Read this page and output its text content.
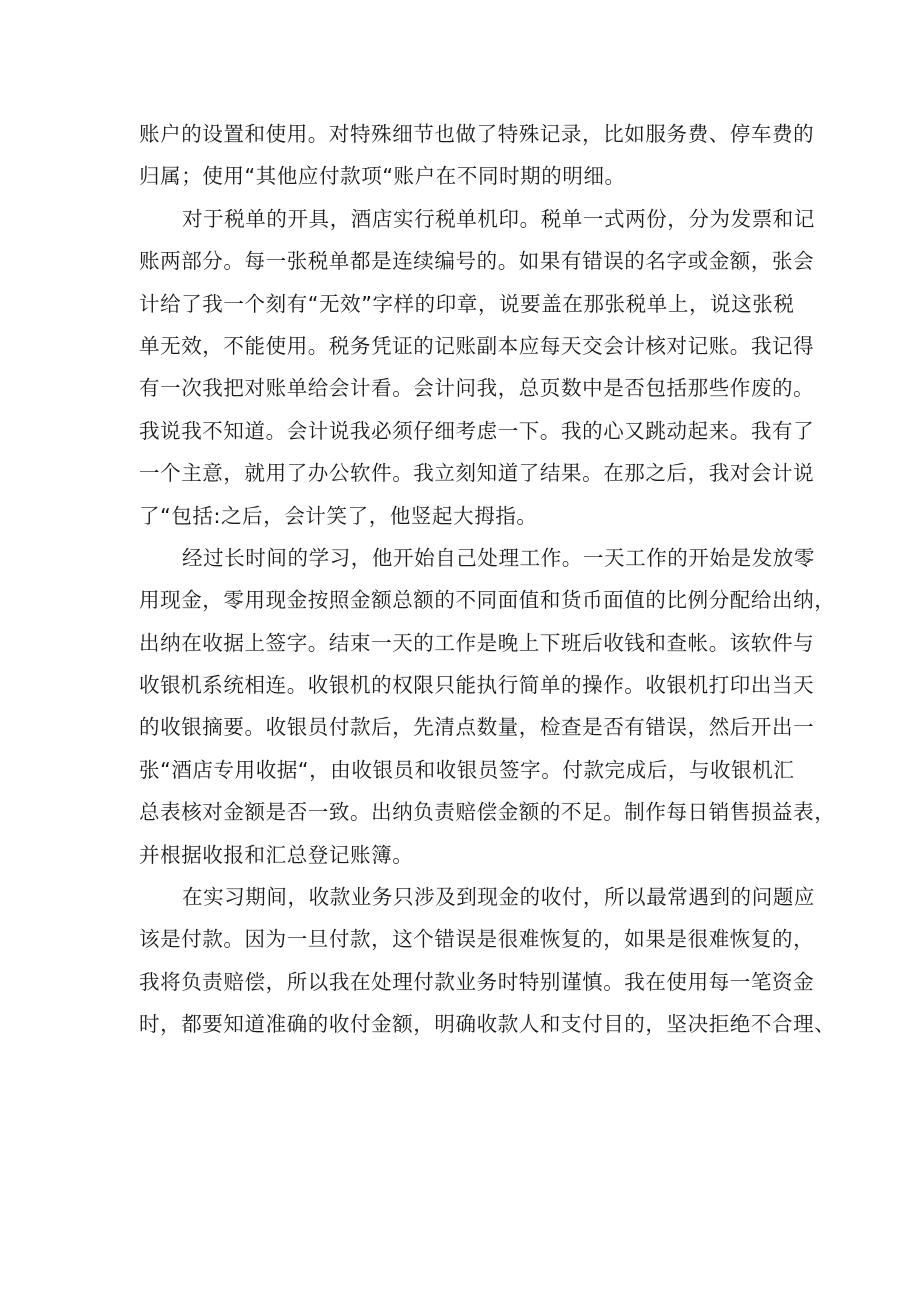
账户的设置和使用。对特殊细节也做了特殊记录，比如服务费、停车费的
归属；使用“其他应付款项“账户在不同时期的明细。
对于税单的开具，酒店实行税单机印。税单一式两份，分为发票和记
账两部分。每一张税单都是连续编号的。如果有错误的名字或金额，张会
计给了我一个刻有“无效”字样的印章，说要盖在那张税单上，说这张税
单无效，不能使用。税务凭证的记账副本应每天交会计核对记账。我记得
有一次我把对账单给会计看。会计问我，总页数中是否包括那些作废的。
我说我不知道。会计说我必须仔细考虑一下。我的心又跳动起来。我有了
一个主意，就用了办公软件。我立刻知道了结果。在那之后，我对会计说
了“包括:之后，会计笑了，他竖起大拇指。
经过长时间的学习，他开始自己处理工作。一天工作的开始是发放零
用现金，零用现金按照金额总额的不同面值和货币面值的比例分配给出纳，
出纳在收据上签字。结束一天的工作是晚上下班后收钱和查帐。该软件与
收银机系统相连。收银机的权限只能执行简单的操作。收银机打印出当天
的收银摘要。收银员付款后，先清点数量，检查是否有错误，然后开出一
张“酒店专用收据“，由收银员和收银员签字。付款完成后，与收银机汇
总表核对金额是否一致。出纳负责赔偿金额的不足。制作每日销售损益表，
并根据收报和汇总登记账簿。
在实习期间，收款业务只涉及到现金的收付，所以最常遇到的问题应
该是付款。因为一旦付款，这个错误是很难恢复的，如果是很难恢复的，
我将负责赔偿，所以我在处理付款业务时特别谨慎。我在使用每一笔资金
时，都要知道准确的收付金额，明确收款人和支付目的，坚决拒绝不合理、
